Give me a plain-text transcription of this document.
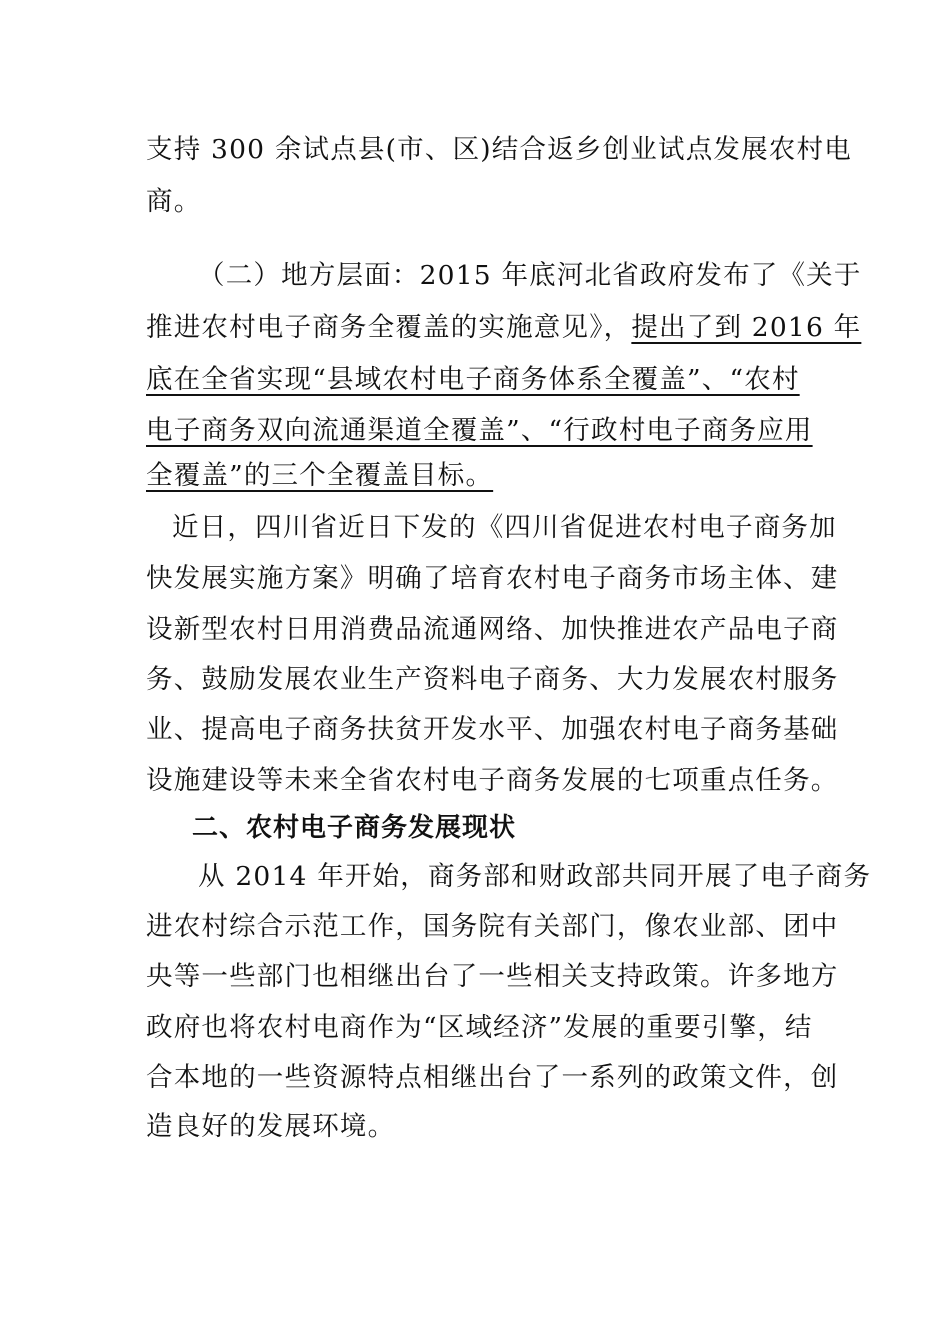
支持 300 余试点县(市、区)结合返乡创业试点发展农村电
商。
（二）地方层面：2015 年底河北省政府发布了《关于
推进农村电子商务全覆盖的实施意见》，提出了到 2016 年
底在全省实现“县域农村电子商务体系全覆盖”、“农村
电子商务双向流通渠道全覆盖”、“行政村电子商务应用
全覆盖”的三个全覆盖目标。
近日，四川省近日下发的《四川省促进农村电子商务加
快发展实施方案》明确了培育农村电子商务市场主体、建
设新型农村日用消费品流通网络、加快推进农产品电子商
务、鼓励发展农业生产资料电子商务、大力发展农村服务
业、提高电子商务扶贫开发水平、加强农村电子商务基础
设施建设等未来全省农村电子商务发展的七项重点任务。
二、农村电子商务发展现状
从 2014 年开始，商务部和财政部共同开展了电子商务
进农村综合示范工作，国务院有关部门，像农业部、团中
央等一些部门也相继出台了一些相关支持政策。许多地方
政府也将农村电商作为“区域经济”发展的重要引擎，结
合本地的一些资源特点相继出台了一系列的政策文件，创
造良好的发展环境。
